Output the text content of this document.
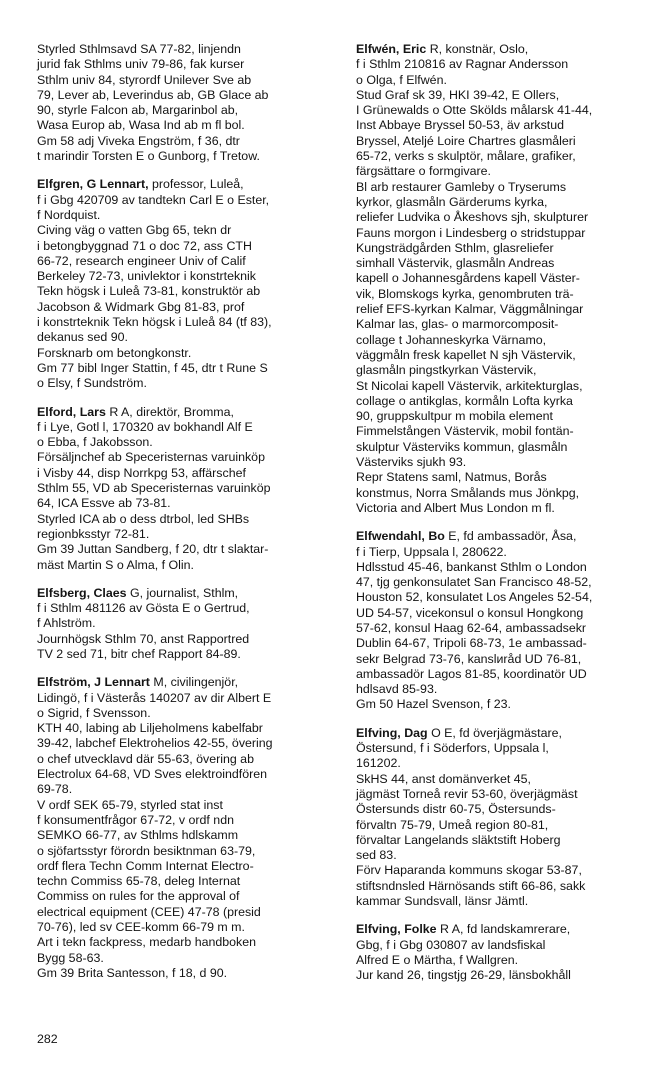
Styrled Sthlmsavd SA 77-82, linjendn
jurid fak Sthlms univ 79-86, fak kurser
Sthlm univ 84, styrordf Unilever Sve ab
79, Lever ab, Leverindus ab, GB Glace ab
90, styrle Falcon ab, Margarinbol ab,
Wasa Europ ab, Wasa Ind ab m fl bol.
Gm 58 adj Viveka Engström, f 36, dtr
t marindir Torsten E o Gunborg, f Tretow.
Elfgren, G Lennart, professor, Luleå,
f i Gbg 420709 av tandtekn Carl E o Ester,
f Nordquist.
Civing väg o vatten Gbg 65, tekn dr
i betongbyggnad 71 o doc 72, ass CTH
66-72, research engineer Univ of Calif
Berkeley 72-73, univlektor i konstrteknik
Tekn högsk i Luleå 73-81, konstruktör ab
Jacobson & Widmark Gbg 81-83, prof
i konstrteknik Tekn högsk i Luleå 84 (tf 83),
dekanus sed 90.
Forsknarb om betongkonstr.
Gm 77 bibl Inger Stattin, f 45, dtr t Rune S
o Elsy, f Sundström.
Elford, Lars R A, direktör, Bromma,
f i Lye, Gotl l, 170320 av bokhandl Alf E
o Ebba, f Jakobsson.
Försäljnchef ab Speceristernas varuinköp
i Visby 44, disp Norrkpg 53, affärschef
Sthlm 55, VD ab Speceristernas varuinköp
64, ICA Essve ab 73-81.
Styrled ICA ab o dess dtrbol, led SHBs
regionbksstyr 72-81.
Gm 39 Juttan Sandberg, f 20, dtr t slaktar-
mäst Martin S o Alma, f Olin.
Elfsberg, Claes G, journalist, Sthlm,
f i Sthlm 481126 av Gösta E o Gertrud,
f Ahlström.
Journhögsk Sthlm 70, anst Rapportred
TV 2 sed 71, bitr chef Rapport 84-89.
Elfström, J Lennart M, civilingenjör,
Lidingö, f i Västerås 140207 av dir Albert E
o Sigrid, f Svensson.
KTH 40, labing ab Liljeholmens kabelfabr
39-42, labchef Elektrohelios 42-55, övering
o chef utvecklavd där 55-63, övering ab
Electrolux 64-68, VD Sves elektroindfören
69-78.
V ordf SEK 65-79, styrled stat inst
f konsumentfrågor 67-72, v ordf ndn
SEMKO 66-77, av Sthlms hdlskamm
o sjöfartsstyr förordn besiktnman 63-79,
ordf flera Techn Comm Internat Electro-
techn Commiss 65-78, deleg Internat
Commiss on rules for the approval of
electrical equipment (CEE) 47-78 (presid
70-76), led sv CEE-komm 66-79 m m.
Art i tekn fackpress, medarb handboken
Bygg 58-63.
Gm 39 Brita Santesson, f 18, d 90.
Elfwén, Eric R, konstnär, Oslo,
f i Sthlm 210816 av Ragnar Andersson
o Olga, f Elfwén.
Stud Graf sk 39, HKI 39-42, E Ollers,
I Grünewalds o Otte Skölds målarsk 41-44,
Inst Abbaye Bryssel 50-53, äv arkstud
Bryssel, Ateljé Loire Chartres glasmåleri
65-72, verks s skulptör, målare, grafiker,
färgsättare o formgivare.
Bl arb restaurer Gamleby o Tryserums
kyrkor, glasmåln Gärderums kyrka,
reliefer Ludvika o Åkeshovs sjh, skulpturer
Fauns morgon i Lindesberg o stridstuppar
Kungsträdgården Sthlm, glasreliefer
simhall Västervik, glasmåln Andreas
kapell o Johannesgårdens kapell Väster-
vik, Blomskogs kyrka, genombruten trä-
relief EFS-kyrkan Kalmar, Väggmålningar
Kalmar las, glas- o marmorcomposit-
collage t Johanneskyrka Värnamo,
väggmåln fresk kapellet N sjh Västervik,
glasmåln pingstkyrkan Västervik,
St Nicolai kapell Västervik, arkitekturglas,
collage o antikglas, kormåln Lofta kyrka
90, gruppskultpur m mobila element
Fimmelstången Västervik, mobil fontän-
skulptur Västerviks kommun, glasmåln
Västerviks sjukh 93.
Repr Statens saml, Natmus, Borås
konstmus, Norra Smålands mus Jönkpg,
Victoria and Albert Mus London m fl.
Elfwendahl, Bo E, fd ambassadör, Åsa,
f i Tierp, Uppsala l, 280622.
Hdlsstud 45-46, bankanst Sthlm o London
47, tjg genkonsulatet San Francisco 48-52,
Houston 52, konsulatet Los Angeles 52-54,
UD 54-57, vicekonsul o konsul Hongkong
57-62, konsul Haag 62-64, ambassadsekr
Dublin 64-67, Tripoli 68-73, 1e ambassad-
sekr Belgrad 73-76, kanslиråd UD 76-81,
ambassadör Lagos 81-85, koordinatör UD
hdlsavd 85-93.
Gm 50 Hazel Svenson, f 23.
Elfving, Dag O E, fd överjägmästare,
Östersund, f i Söderfors, Uppsala l,
161202.
SkHS 44, anst domänverket 45,
jägmäst Torneå revir 53-60, överjägmäst
Östersunds distr 60-75, Östersunds-
förvaltn 75-79, Umeå region 80-81,
förvaltar Langelands släktstift Hoberg
sed 83.
Förv Haparanda kommuns skogar 53-87,
stiftsndnsled Härnösands stift 66-86, sakk
kammar Sundsvall, länsr Jämtl.
Elfving, Folke R A, fd landskamrerare,
Gbg, f i Gbg 030807 av landsfiskal
Alfred E o Märtha, f Wallgren.
Jur kand 26, tingstjg 26-29, länsbokhåll
282
